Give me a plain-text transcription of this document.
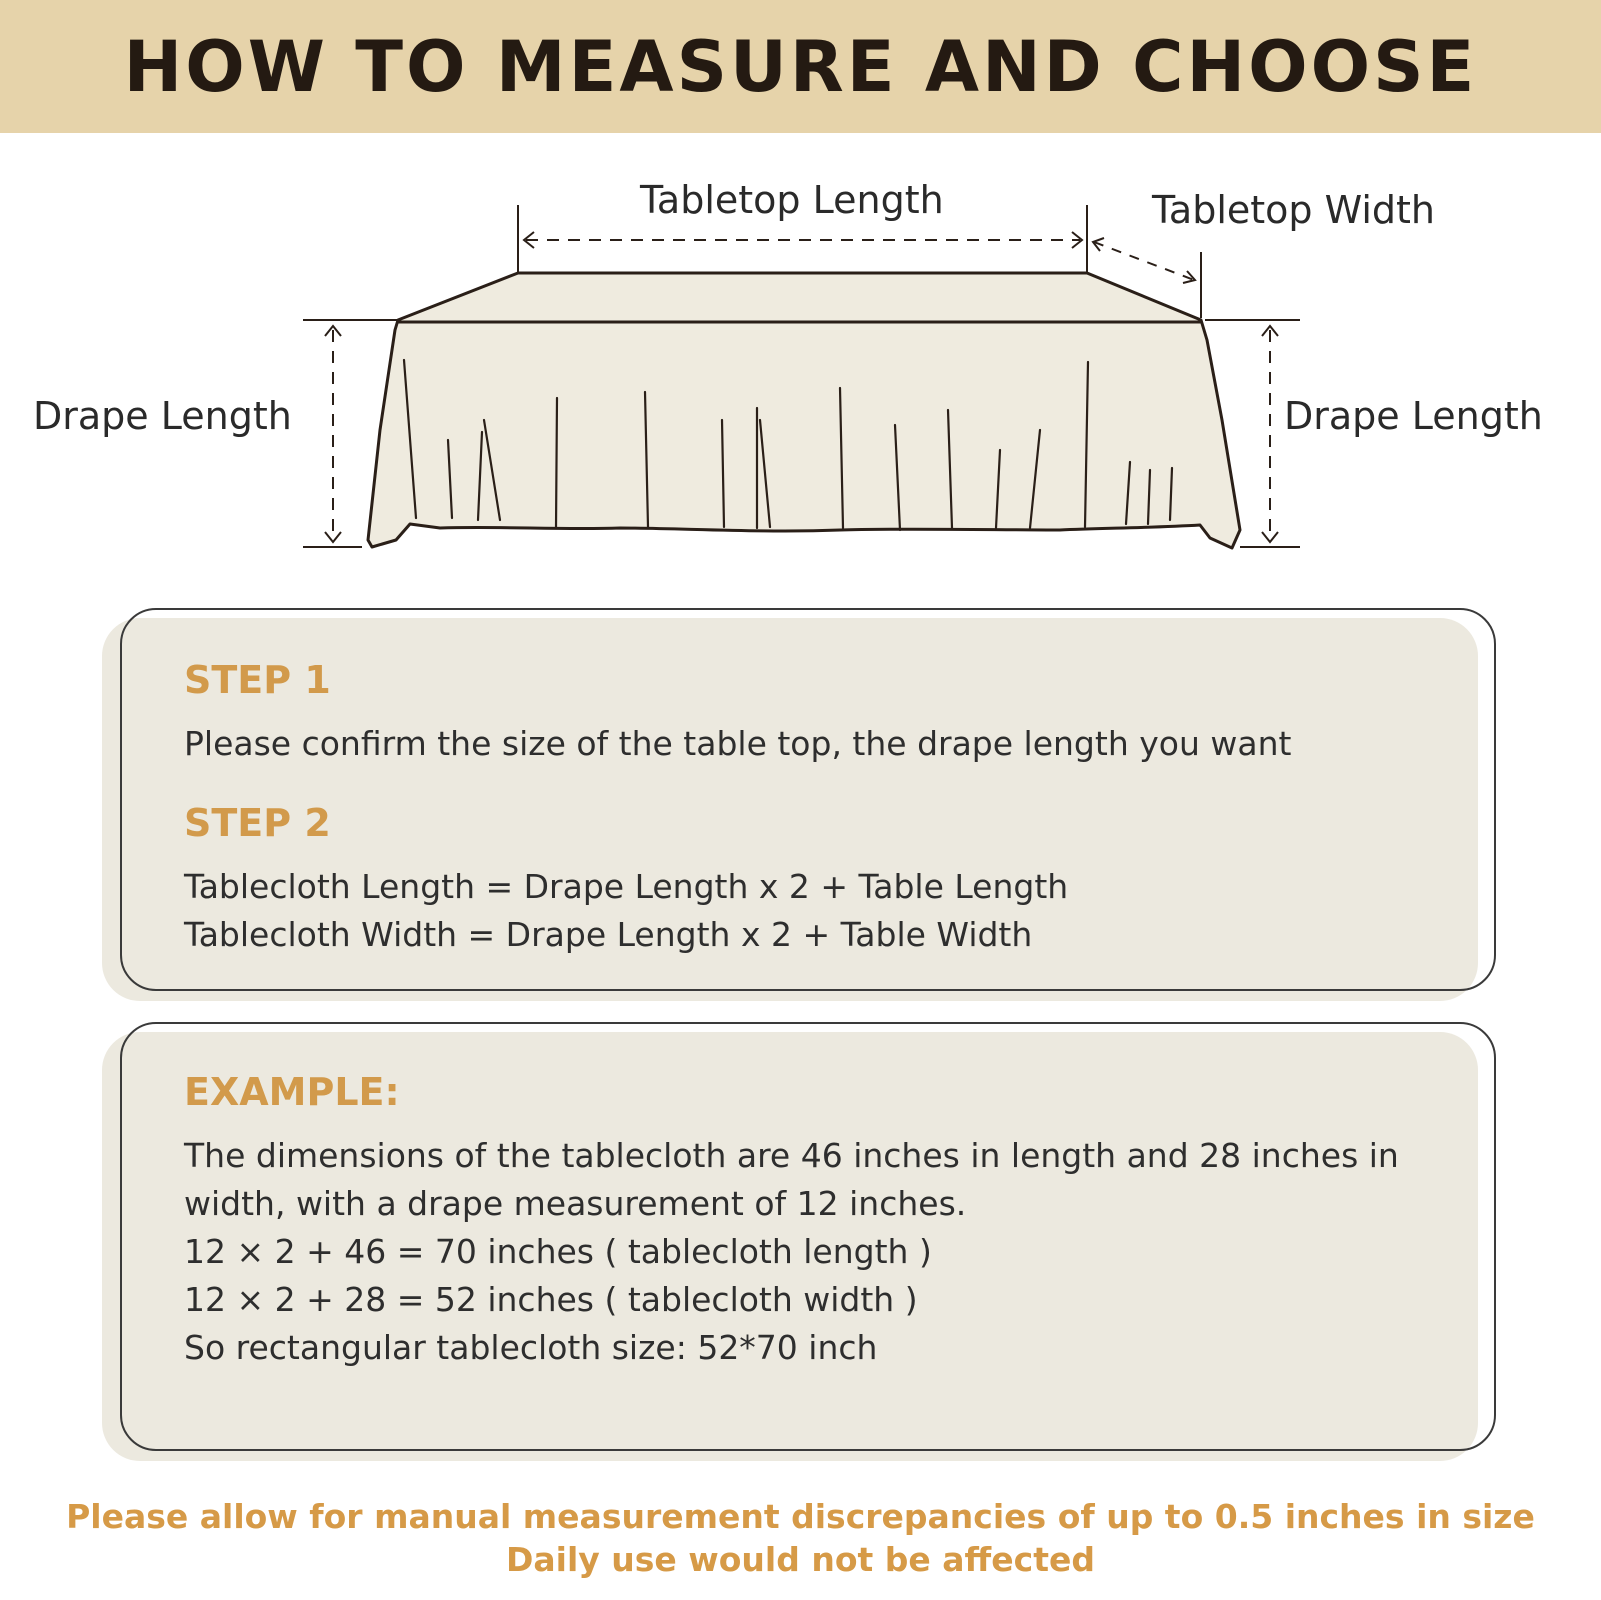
HOW TO MEASURE AND CHOOSE
Tabletop Length	Tabletop Width
Drape Length	Drape Length
STEP 1
Please confirm the size of the table top, the drape length you want
STEP 2
Tablecloth Length = Drape Length x 2 + Table Length
Tablecloth Width = Drape Length x 2 + Table Width
EXAMPLE:
The dimensions of the tablecloth are 46 inches in length and 28 inches in
width, with a drape measurement of 12 inches.
12 × 2 + 46 = 70 inches ( tablecloth length )
12 × 2 + 28 = 52 inches ( tablecloth width )
So rectangular tablecloth size: 52*70 inch
Please allow for manual measurement discrepancies of up to 0.5 inches in size
Daily use would not be affected
